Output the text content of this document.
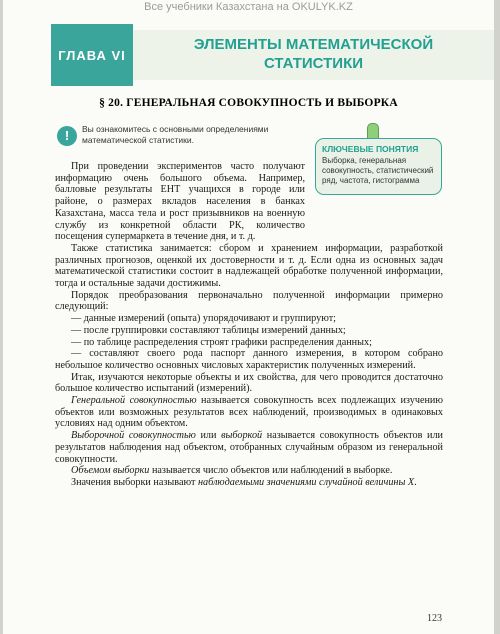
Все учебники Казахстана на OKULYK.KZ
ГЛАВА VI
ЭЛЕМЕНТЫ МАТЕМАТИЧЕСКОЙ
СТАТИСТИКИ
§ 20. ГЕНЕРАЛЬНАЯ СОВОКУПНОСТЬ И ВЫБОРКА
!	Вы ознакомитесь с основными определениями математической статистики.
КЛЮЧЕВЫЕ ПОНЯТИЯ
Выборка, генеральная совокупность, статистический ряд, частота, гистограмма

При проведении экспериментов часто получают информацию очень большого объема. Например, балловые результаты ЕНТ учащихся в городе или районе, о размерах вкладов населения в банках Казахстана, масса тела и рост призывников на военную службу из конкретной области РК, количество посещения супермаркета в течение дня, и т. д.

Также статистика занимается: сбором и хранением информации, разработкой различных прогнозов, оценкой их достоверности и т. д. Если одна из основных задач математической статистики состоит в надлежащей обработке полученной информации, тогда и остальные задачи достижимы.

Порядок преобразования первоначально полученной информации примерно следующий:

— данные измерений (опыта) упорядочивают и группируют;

— после группировки составляют таблицы измерений данных;

— по таблице распределения строят графики распределения данных;

— составляют своего рода паспорт данного измерения, в котором собрано небольшое количество основных числовых характеристик полученных измерений.

Итак, изучаются некоторые объекты и их свойства, для чего проводится достаточно большое количество испытаний (измерений).

Генеральной совокупностью называется совокупность всех подлежащих изучению объектов или возможных результатов всех наблюдений, производимых в одинаковых условиях над одним объектом.

Выборочной совокупностью или выборкой называется совокупность объектов или результатов наблюдения над объектом, отобранных случайным образом из генеральной совокупности.

Объемом выборки называется число объектов или наблюдений в выборке.

Значения выборки называют наблюдаемыми значениями случайной величины X.

123
